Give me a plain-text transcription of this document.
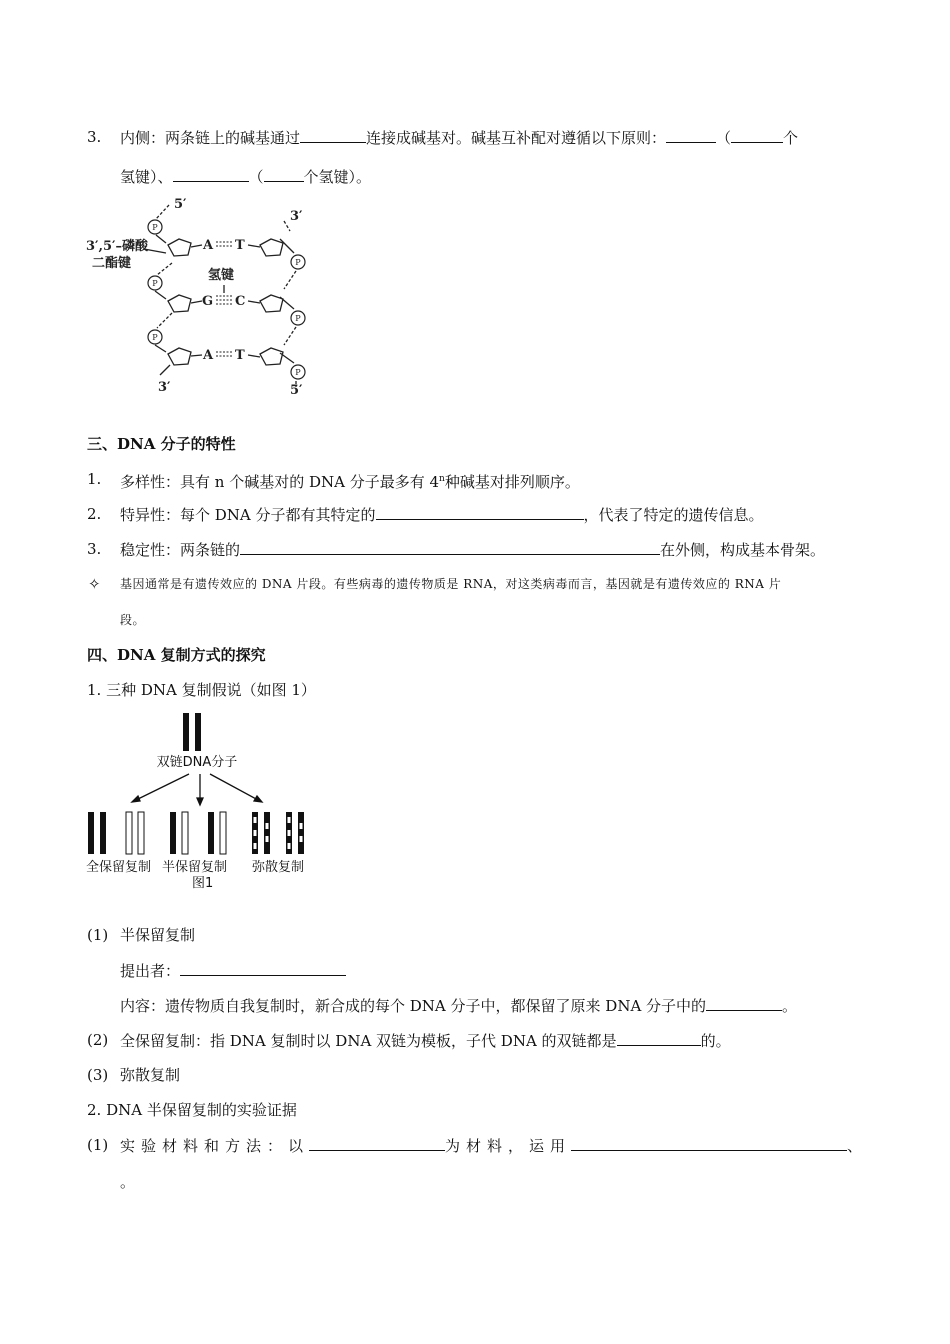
3. 内侧：两条链上的碱基通过	连接成碱基对。碱基互补配对遵循以下原则：	（	个
氢键）、	（	个氢键）。
P
P
P
P
P
P
5′
3′
3′,5′–磷酸
二酯键
氢键
3′	5′
A T
G C
A T
三、DNA 分子的特性
1. 多样性：具有 n 个碱基对的 DNA 分子最多有 4$^n$种碱基对排列顺序。
2. 特异性：每个 DNA 分子都有其特定的	，代表了特定的遗传信息。
3. 稳定性：两条链的	在外侧，构成基本骨架。
✧ 基因通常是有遗传效应的 DNA 片段。有些病毒的遗传物质是 RNA，对这类病毒而言，基因就是有遗传效应的 RNA 片
段。
四、DNA 复制方式的探究
1. 三种 DNA 复制假说（如图 1）
双链DNA分子
全保留复制 半保留复制 弥散复制
图1
(1) 半保留复制
提出者：
内容：遗传物质自我复制时，新合成的每个 DNA 分子中，都保留了原来 DNA 分子中的	。
(2) 全保留复制：指 DNA 复制时以 DNA 双链为模板，子代 DNA 的双链都是	的。
(3) 弥散复制
2. DNA 半保留复制的实验证据
(1) 实验材料和方法：以	为材料，运用	、
。
